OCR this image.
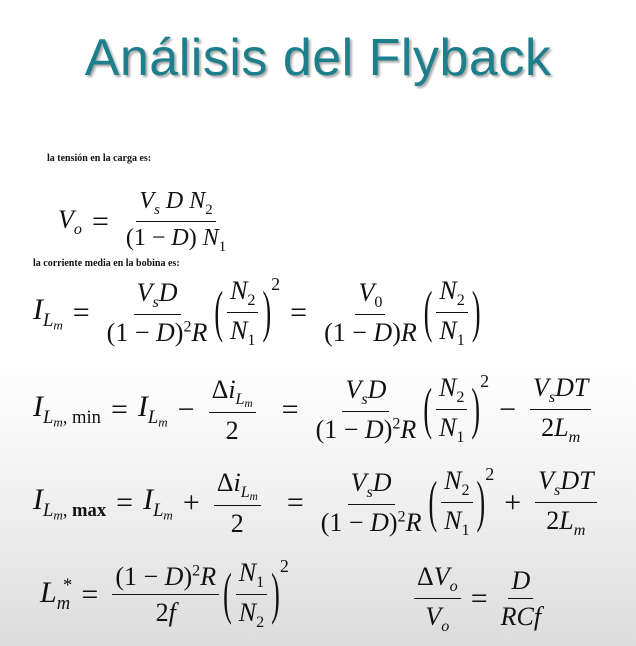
Análisis del Flyback
la tensión en la carga es:
$V_o = \frac{V_s D N_2}{(1 - D) N_1}$
la corriente media en la bobina es:
$I_{Lm} = \frac{V_sD}{(1 - D)^2R}$ ( $\frac{N_2}{N_1} )^2$
= $\frac{V_0}{(1 - D)R}$ ( $\frac{N_2}{N_1}$ )
$I_{Lm, min} = I_{Lm} - \frac{\Delta i_{Lm}}{2} = \frac{V_sD}{(1 - D)^2R}$ ( $\frac{N_2}{N_1} )^2$
− $\frac{V_sDT}{2L_m}$
$I_{Lm, max} = I_{Lm} + \frac{\Delta i_{Lm}}{2} = \frac{V_sD}{(1 - D)^2R}$ ( $\frac{N_2}{N_1} )^2$
+ $\frac{V_sDT}{2L_m}$
$L_m^* = \frac{(1 - D)^2R}{2f}$ ( $\frac{N_1}{N_2} )^2$	$\frac{\Delta V_o}{V_o} = \frac{D}{\text{RCf}}$
